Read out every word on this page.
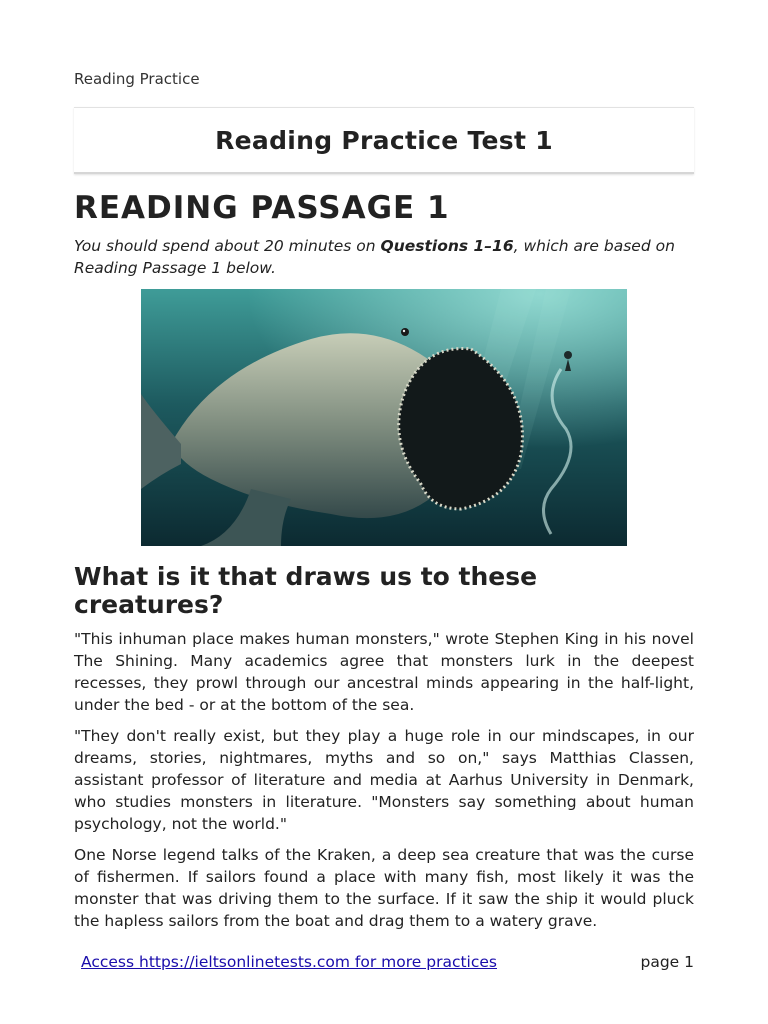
Reading Practice
Reading Practice Test 1
READING PASSAGE 1

You should spend about 20 minutes on Questions 1–16, which are based on Reading Passage 1 below.

What is it that draws us to these creatures?

"This inhuman place makes human monsters," wrote Stephen King in his novel The Shining. Many academics agree that monsters lurk in the deepest recesses, they prowl through our ancestral minds appearing in the half-light, under the bed - or at the bottom of the sea.

"They don't really exist, but they play a huge role in our mindscapes, in our dreams, stories, nightmares, myths and so on," says Matthias Classen, assistant professor of literature and media at Aarhus University in Denmark, who studies monsters in literature. "Monsters say something about human psychology, not the world."

One Norse legend talks of the Kraken, a deep sea creature that was the curse of fishermen. If sailors found a place with many fish, most likely it was the monster that was driving them to the surface. If it saw the ship it would pluck the hapless sailors from the boat and drag them to a watery grave.

Access https://ieltsonlinetests.com for more practices	page 1
